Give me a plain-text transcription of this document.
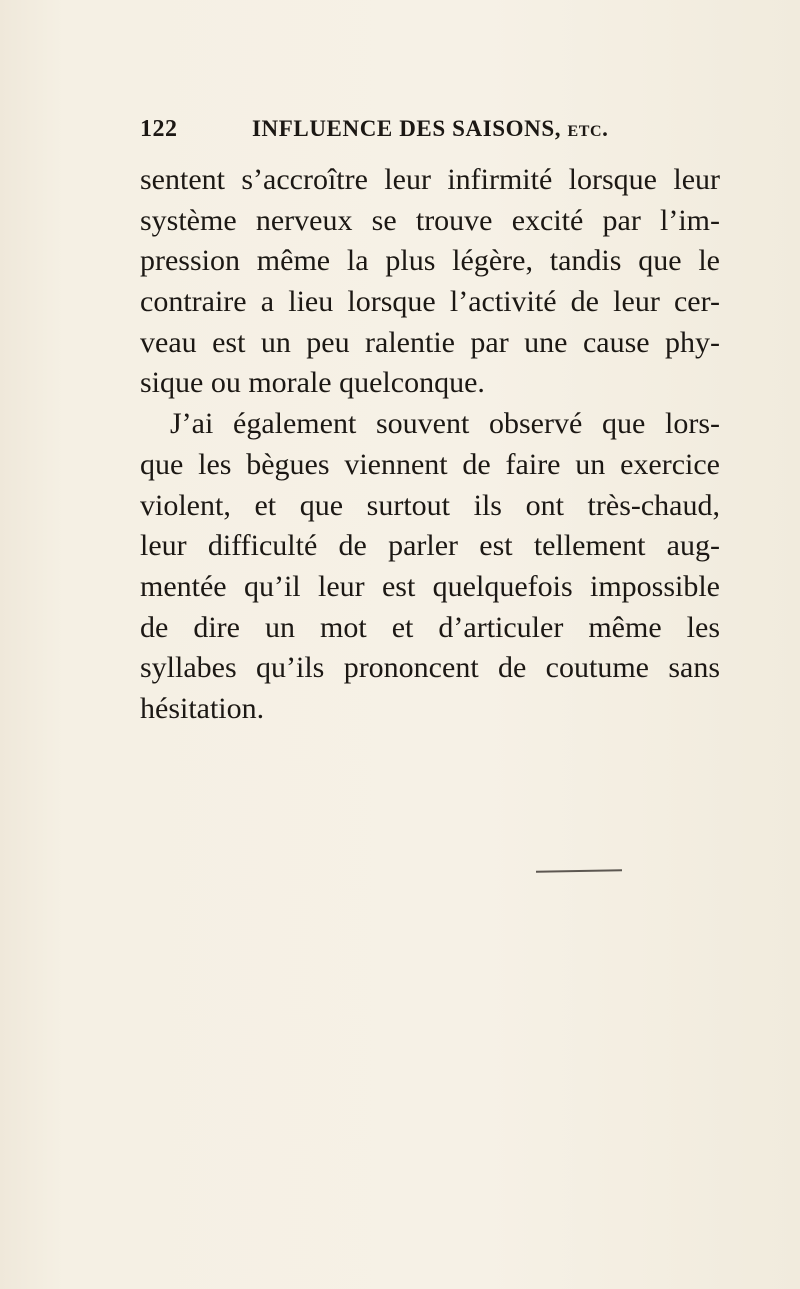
122	INFLUENCE DES SAISONS, etc.
sentent s’accroître leur infirmité lorsque leur
système nerveux se trouve excité par l’im-
pression même la plus légère, tandis que le
contraire a lieu lorsque l’activité de leur cer-
veau est un peu ralentie par une cause phy-
sique ou morale quelconque.
J’ai également souvent observé que lors-
que les bègues viennent de faire un exercice
violent, et que surtout ils ont très-chaud,
leur difficulté de parler est tellement aug-
mentée qu’il leur est quelquefois impossible
de dire un mot et d’articuler même les
syllabes qu’ils prononcent de coutume sans
hésitation.
